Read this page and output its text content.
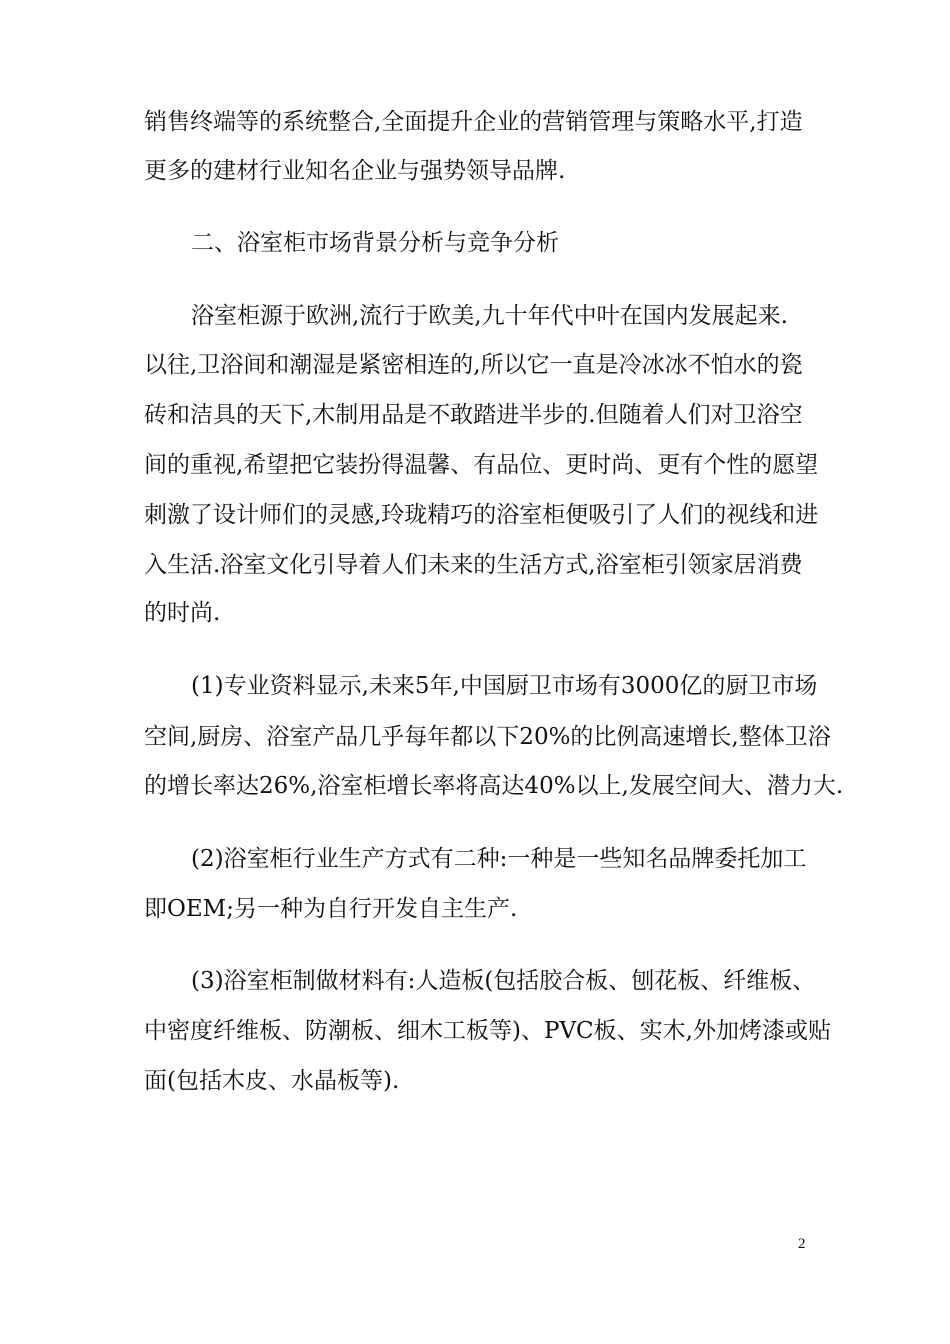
销售终端等的系统整合,全面提升企业的营销管理与策略水平,打造
更多的建材行业知名企业与强势领导品牌.
二、浴室柜市场背景分析与竞争分析
浴室柜源于欧洲,流行于欧美,九十年代中叶在国内发展起来.
以往,卫浴间和潮湿是紧密相连的,所以它一直是冷冰冰不怕水的瓷
砖和洁具的天下,木制用品是不敢踏进半步的.但随着人们对卫浴空
间的重视,希望把它装扮得温馨、有品位、更时尚、更有个性的愿望
刺激了设计师们的灵感,玲珑精巧的浴室柜便吸引了人们的视线和进
入生活.浴室文化引导着人们未来的生活方式,浴室柜引领家居消费
的时尚.
(1)专业资料显示,未来5年,中国厨卫市场有3000亿的厨卫市场
空间,厨房、浴室产品几乎每年都以下20%的比例高速增长,整体卫浴
的增长率达26%,浴室柜增长率将高达40%以上,发展空间大、潜力大.
(2)浴室柜行业生产方式有二种:一种是一些知名品牌委托加工
即OEM;另一种为自行开发自主生产.
(3)浴室柜制做材料有:人造板(包括胶合板、刨花板、纤维板、
中密度纤维板、防潮板、细木工板等)、PVC板、实木,外加烤漆或贴
面(包括木皮、水晶板等).
2
